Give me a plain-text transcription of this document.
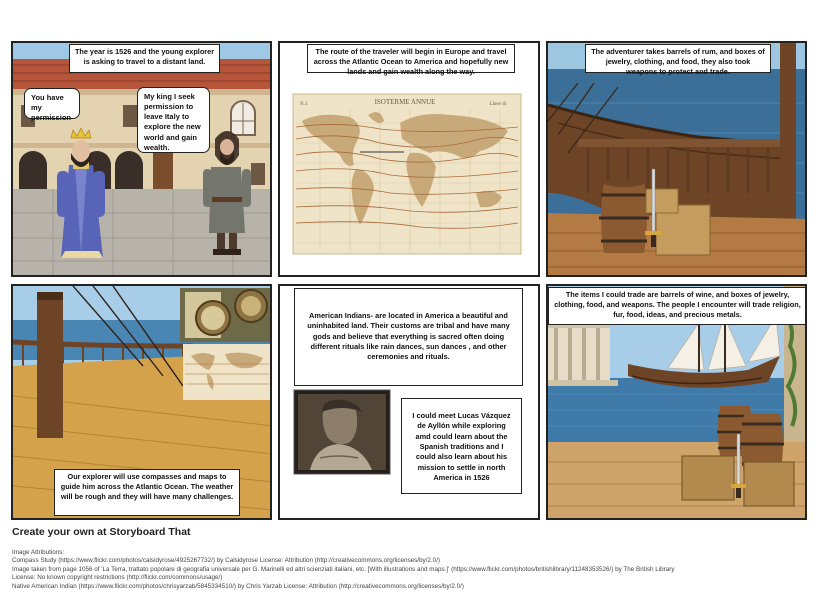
The year is 1526 and the young explorer is asking to travel to a distant land.
You have my permission
My king I seek permission to leave Italy to explore the new world and gain wealth.
The route of the traveler will begin in Europe and travel across the Atlantic Ocean to America and hopefully new lands and gain wealth along the way.
ISOTERME ANNUE
N.1	Linee di
The adventurer takes barrels of rum, and boxes of jewelry, clothing, and food, they also took weapons to protect and trade.
Our explorer will use compasses and maps to guide him across the Atlantic Ocean. The weather will be rough and they will have many challenges.
American Indians- are located in America a beautiful and uninhabited land. Their customs are tribal and have many gods and believe that everything is sacred often doing different rituals like rain dances, sun dances , and other ceremonies and rituals.
I could meet Lucas Vázquez de Ayllón while exploring amd could learn about the Spanish traditions and I could also learn about his mission to settle in north America in 1526
The items I could trade are barrels of wine, and boxes of jewelry, clothing, food, and weapons. The people I encounter will trade religion, fur, food, ideas, and precious metals.
Create your own at Storyboard That
Image Attributions:
Compass Study (https://www.flickr.com/photos/calsidyrose/4925267732/) by Calsidyrose License: Attribution (http://creativecommons.org/licenses/by/2.0/)
Image taken from page 1056 of 'La Terra, trattato popolare di geografia universale per G. Marinelli ed altri scienziati italiani, etc. [With illustrations and maps.]' (https://www.flickr.com/photos/britishlibrary/11248353526/) by The British Library
License: No known copyright restrictions (http://flickr.com/commons/usage/)
Native American Indian (https://www.flickr.com/photos/chrisyarzab/5845334510/) by Chris Yarzab License: Attribution (http://creativecommons.org/licenses/by/2.0/)
